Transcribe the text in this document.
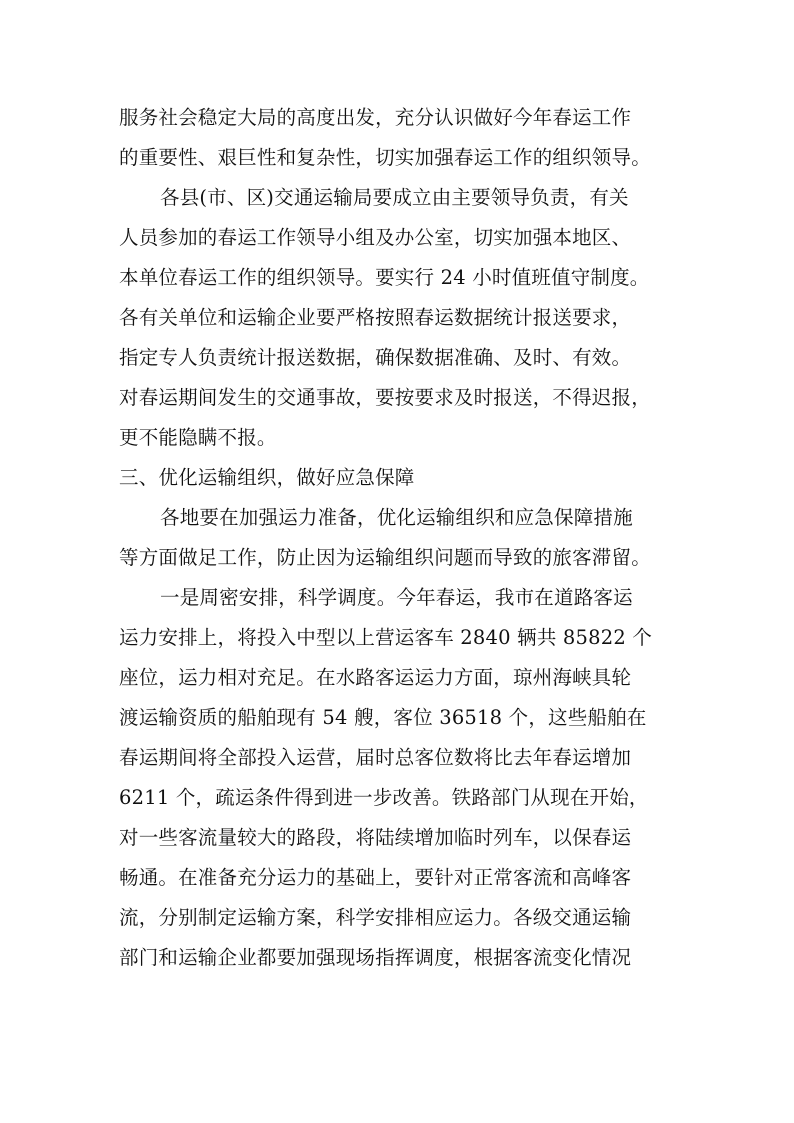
服务社会稳定大局的高度出发，充分认识做好今年春运工作
的重要性、艰巨性和复杂性，切实加强春运工作的组织领导。
各县(市、区)交通运输局要成立由主要领导负责，有关
人员参加的春运工作领导小组及办公室，切实加强本地区、
本单位春运工作的组织领导。要实行 24 小时值班值守制度。
各有关单位和运输企业要严格按照春运数据统计报送要求，
指定专人负责统计报送数据，确保数据准确、及时、有效。
对春运期间发生的交通事故，要按要求及时报送，不得迟报，
更不能隐瞒不报。
三、优化运输组织，做好应急保障
各地要在加强运力准备，优化运输组织和应急保障措施
等方面做足工作，防止因为运输组织问题而导致的旅客滞留。
一是周密安排，科学调度。今年春运，我市在道路客运
运力安排上，将投入中型以上营运客车 2840 辆共 85822 个
座位，运力相对充足。在水路客运运力方面，琼州海峡具轮
渡运输资质的船舶现有 54 艘，客位 36518 个，这些船舶在
春运期间将全部投入运营，届时总客位数将比去年春运增加
6211 个，疏运条件得到进一步改善。铁路部门从现在开始，
对一些客流量较大的路段，将陆续增加临时列车，以保春运
畅通。在准备充分运力的基础上，要针对正常客流和高峰客
流，分别制定运输方案，科学安排相应运力。各级交通运输
部门和运输企业都要加强现场指挥调度，根据客流变化情况
